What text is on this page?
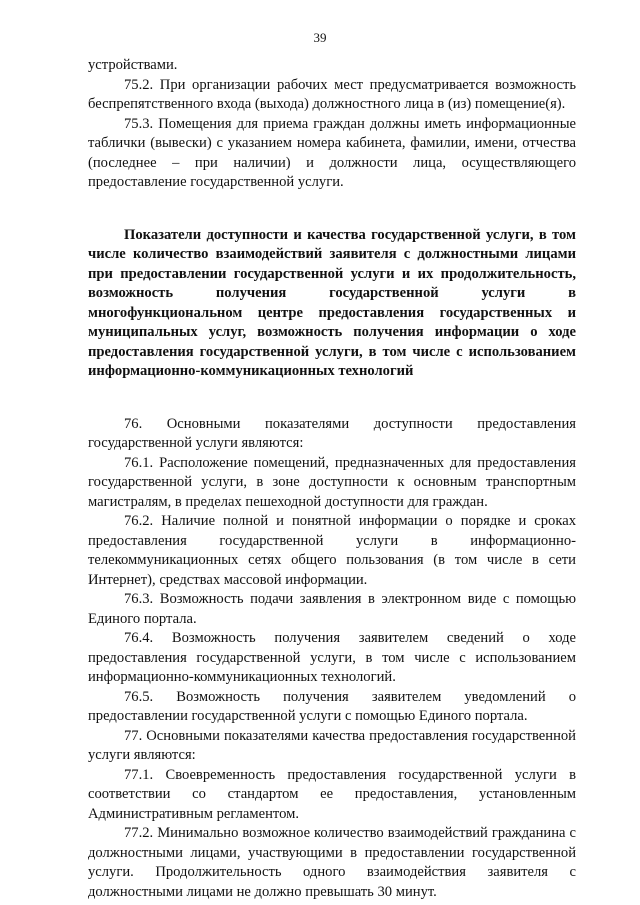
39

устройствами.

75.2. При организации рабочих мест предусматривается возможность беспрепятственного входа (выхода) должностного лица в (из) помещение(я).

75.3. Помещения для приема граждан должны иметь информационные таблички (вывески) с указанием номера кабинета, фамилии, имени, отчества (последнее – при наличии) и должности лица, осуществляющего предоставление государственной услуги.

Показатели доступности и качества государственной услуги, в том числе количество взаимодействий заявителя с должностными лицами при предоставлении государственной услуги и их продолжительность, возможность получения государственной услуги в многофункциональном центре предоставления государственных и муниципальных услуг, возможность получения информации о ходе предоставления государственной услуги, в том числе с использованием информационно-коммуникационных технологий

76. Основными показателями доступности предоставления государственной услуги являются:

76.1. Расположение помещений, предназначенных для предоставления государственной услуги, в зоне доступности к основным транспортным магистралям, в пределах пешеходной доступности для граждан.

76.2. Наличие полной и понятной информации о порядке и сроках предоставления государственной услуги в информационно-телекоммуникационных сетях общего пользования (в том числе в сети Интернет), средствах массовой информации.

76.3. Возможность подачи заявления в электронном виде с помощью Единого портала.

76.4. Возможность получения заявителем сведений о ходе предоставления государственной услуги, в том числе с использованием информационно-коммуникационных технологий.

76.5. Возможность получения заявителем уведомлений о предоставлении государственной услуги с помощью Единого портала.

77. Основными показателями качества предоставления государственной услуги являются:

77.1. Своевременность предоставления государственной услуги в соответствии со стандартом ее предоставления, установленным Административным регламентом.

77.2. Минимально возможное количество взаимодействий гражданина с должностными лицами, участвующими в предоставлении государственной услуги. Продолжительность одного взаимодействия заявителя с должностными лицами не должно превышать 30 минут.
